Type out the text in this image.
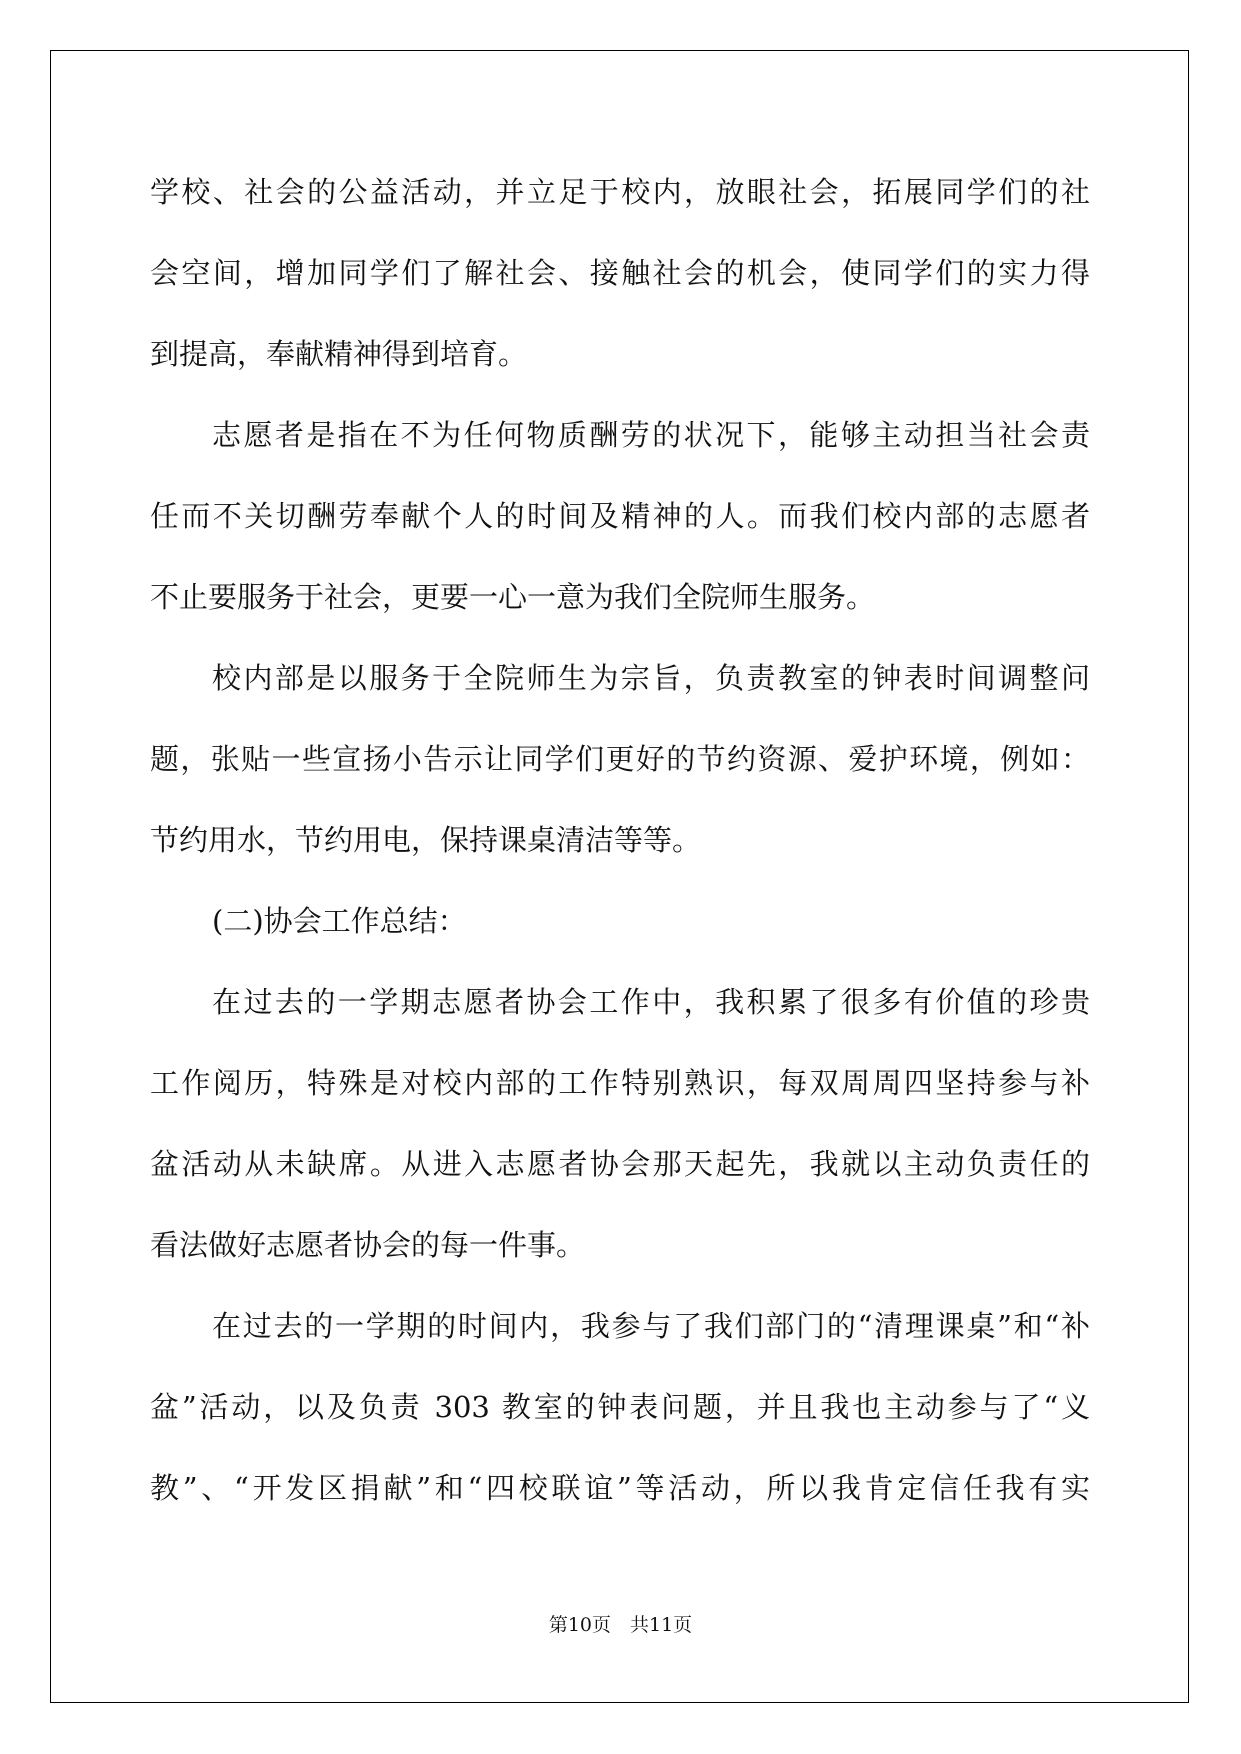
学校、社会的公益活动，并立足于校内，放眼社会，拓展同学们的社
会空间，增加同学们了解社会、接触社会的机会，使同学们的实力得
到提高，奉献精神得到培育。
志愿者是指在不为任何物质酬劳的状况下，能够主动担当社会责
任而不关切酬劳奉献个人的时间及精神的人。而我们校内部的志愿者
不止要服务于社会，更要一心一意为我们全院师生服务。
校内部是以服务于全院师生为宗旨，负责教室的钟表时间调整问
题，张贴一些宣扬小告示让同学们更好的节约资源、爱护环境，例如：
节约用水，节约用电，保持课桌清洁等等。
(二)协会工作总结：
在过去的一学期志愿者协会工作中，我积累了很多有价值的珍贵
工作阅历，特殊是对校内部的工作特别熟识，每双周周四坚持参与补
盆活动从未缺席。从进入志愿者协会那天起先，我就以主动负责任的
看法做好志愿者协会的每一件事。
在过去的一学期的时间内，我参与了我们部门的“清理课桌”和“补
盆”活动，以及负责 303 教室的钟表问题，并且我也主动参与了“义
教”、“开发区捐献”和“四校联谊”等活动，所以我肯定信任我有实
第10页　共11页
